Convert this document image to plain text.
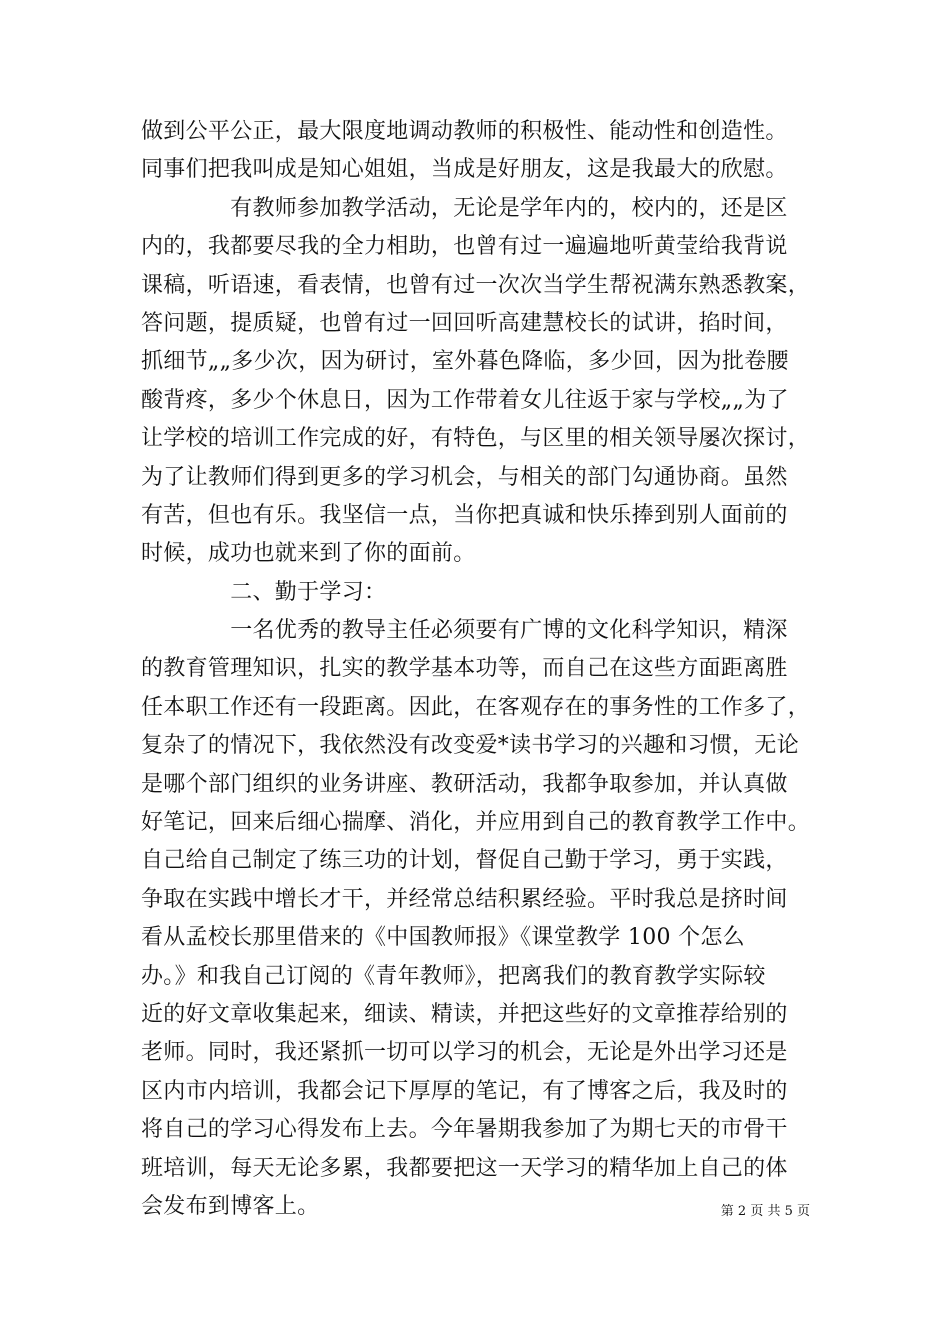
做到公平公正，最大限度地调动教师的积极性、能动性和创造性。
同事们把我叫成是知心姐姐，当成是好朋友，这是我最大的欣慰。
　　　　有教师参加教学活动，无论是学年内的，校内的，还是区
内的，我都要尽我的全力相助，也曾有过一遍遍地听黄莹给我背说
课稿，听语速，看表情，也曾有过一次次当学生帮祝满东熟悉教案，
答问题，提质疑，也曾有过一回回听高建慧校长的试讲，掐时间，
抓细节„„多少次，因为研讨，室外暮色降临，多少回，因为批卷腰
酸背疼，多少个休息日，因为工作带着女儿往返于家与学校„„为了
让学校的培训工作完成的好，有特色，与区里的相关领导屡次探讨，
为了让教师们得到更多的学习机会，与相关的部门勾通协商。虽然
有苦，但也有乐。我坚信一点，当你把真诚和快乐捧到别人面前的
时候，成功也就来到了你的面前。
　　　　二、勤于学习：
　　　　一名优秀的教导主任必须要有广博的文化科学知识，精深
的教育管理知识，扎实的教学基本功等，而自己在这些方面距离胜
任本职工作还有一段距离。因此，在客观存在的事务性的工作多了，
复杂了的情况下，我依然没有改变爱*读书学习的兴趣和习惯，无论
是哪个部门组织的业务讲座、教研活动，我都争取参加，并认真做
好笔记，回来后细心揣摩、消化，并应用到自己的教育教学工作中。
自己给自己制定了练三功的计划，督促自己勤于学习，勇于实践，
争取在实践中增长才干，并经常总结积累经验。平时我总是挤时间
看从孟校长那里借来的《中国教师报》《课堂教学 100 个怎么
办。》和我自己订阅的《青年教师》，把离我们的教育教学实际较
近的好文章收集起来，细读、精读，并把这些好的文章推荐给别的
老师。同时，我还紧抓一切可以学习的机会，无论是外出学习还是
区内市内培训，我都会记下厚厚的笔记，有了博客之后，我及时的
将自己的学习心得发布上去。今年暑期我参加了为期七天的市骨干
班培训，每天无论多累，我都要把这一天学习的精华加上自己的体
会发布到博客上。	第 2 页 共 5 页
